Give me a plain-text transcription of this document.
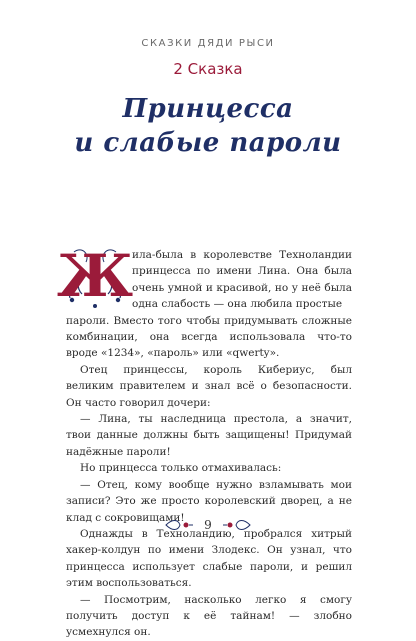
СКАЗКИ ДЯДИ РЫСИ
2 Сказка
Принцесса
и слабые пароли
Ж

ила-была в королевстве Техноландии принцесса по имени Лина. Она была очень умной и красивой, но у неё была одна слабость — она любила простые

пароли. Вместо того чтобы придумывать сложные комбинации, она всегда использовала что-то вроде «1234», «пароль» или «qwerty».

Отец принцессы, король Кибериус, был великим правителем и знал всё о безопасности. Он часто говорил дочери:

— Лина, ты наследница престола, а значит, твои данные должны быть защищены! Придумай надёжные пароли!

Но принцесса только отмахивалась:

— Отец, кому вообще нужно взламывать мои записи? Это же просто королевский дворец, а не клад с сокровищами!

Однажды в Техноландию, пробрался хитрый хакер-колдун по имени Злодекс. Он узнал, что принцесса использует слабые пароли, и решил этим воспользоваться.

— Посмотрим, насколько легко я смогу получить доступ к её тайнам! — злобно усмехнулся он.

9
